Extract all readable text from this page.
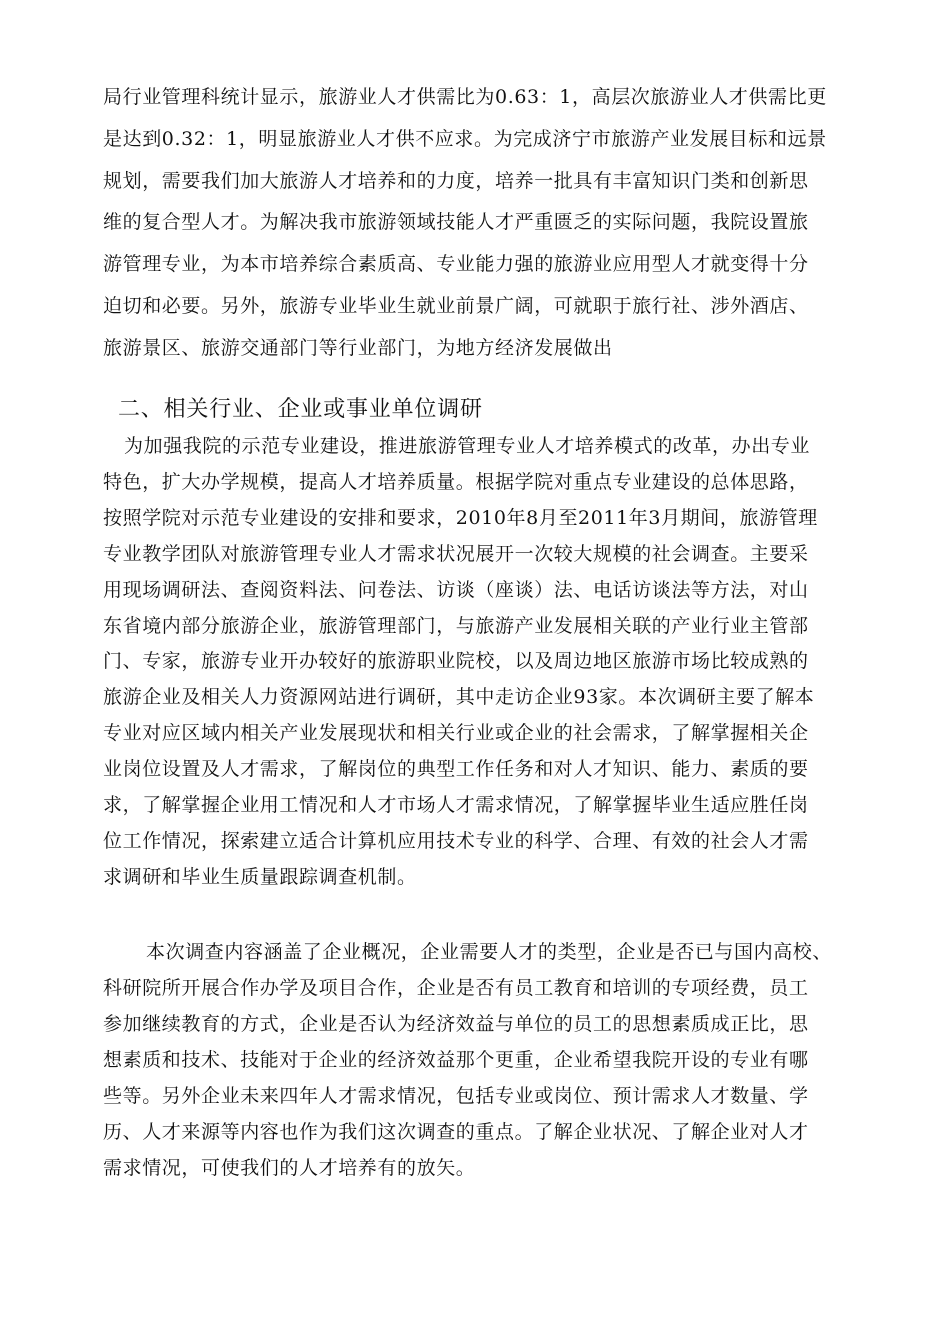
局行业管理科统计显示，旅游业人才供需比为0.63：1，高层次旅游业人才供需比更
是达到0.32：1，明显旅游业人才供不应求。为完成济宁市旅游产业发展目标和远景
规划，需要我们加大旅游人才培养和的力度，培养一批具有丰富知识门类和创新思
维的复合型人才。为解决我市旅游领域技能人才严重匮乏的实际问题，我院设置旅
游管理专业，为本市培养综合素质高、专业能力强的旅游业应用型人才就变得十分
迫切和必要。另外，旅游专业毕业生就业前景广阔，可就职于旅行社、涉外酒店、
旅游景区、旅游交通部门等行业部门，为地方经济发展做出
二、相关行业、企业或事业单位调研
为加强我院的示范专业建设，推进旅游管理专业人才培养模式的改革，办出专业
特色，扩大办学规模，提高人才培养质量。根据学院对重点专业建设的总体思路，
按照学院对示范专业建设的安排和要求，2010年8月至2011年3月期间，旅游管理
专业教学团队对旅游管理专业人才需求状况展开一次较大规模的社会调查。主要采
用现场调研法、查阅资料法、问卷法、访谈（座谈）法、电话访谈法等方法，对山
东省境内部分旅游企业，旅游管理部门，与旅游产业发展相关联的产业行业主管部
门、专家，旅游专业开办较好的旅游职业院校，以及周边地区旅游市场比较成熟的
旅游企业及相关人力资源网站进行调研，其中走访企业93家。本次调研主要了解本
专业对应区域内相关产业发展现状和相关行业或企业的社会需求，了解掌握相关企
业岗位设置及人才需求，了解岗位的典型工作任务和对人才知识、能力、素质的要
求，了解掌握企业用工情况和人才市场人才需求情况，了解掌握毕业生适应胜任岗
位工作情况，探索建立适合计算机应用技术专业的科学、合理、有效的社会人才需
求调研和毕业生质量跟踪调查机制。
本次调查内容涵盖了企业概况，企业需要人才的类型，企业是否已与国内高校、
科研院所开展合作办学及项目合作，企业是否有员工教育和培训的专项经费，员工
参加继续教育的方式，企业是否认为经济效益与单位的员工的思想素质成正比，思
想素质和技术、技能对于企业的经济效益那个更重，企业希望我院开设的专业有哪
些等。另外企业未来四年人才需求情况，包括专业或岗位、预计需求人才数量、学
历、人才来源等内容也作为我们这次调查的重点。了解企业状况、了解企业对人才
需求情况，可使我们的人才培养有的放矢。
